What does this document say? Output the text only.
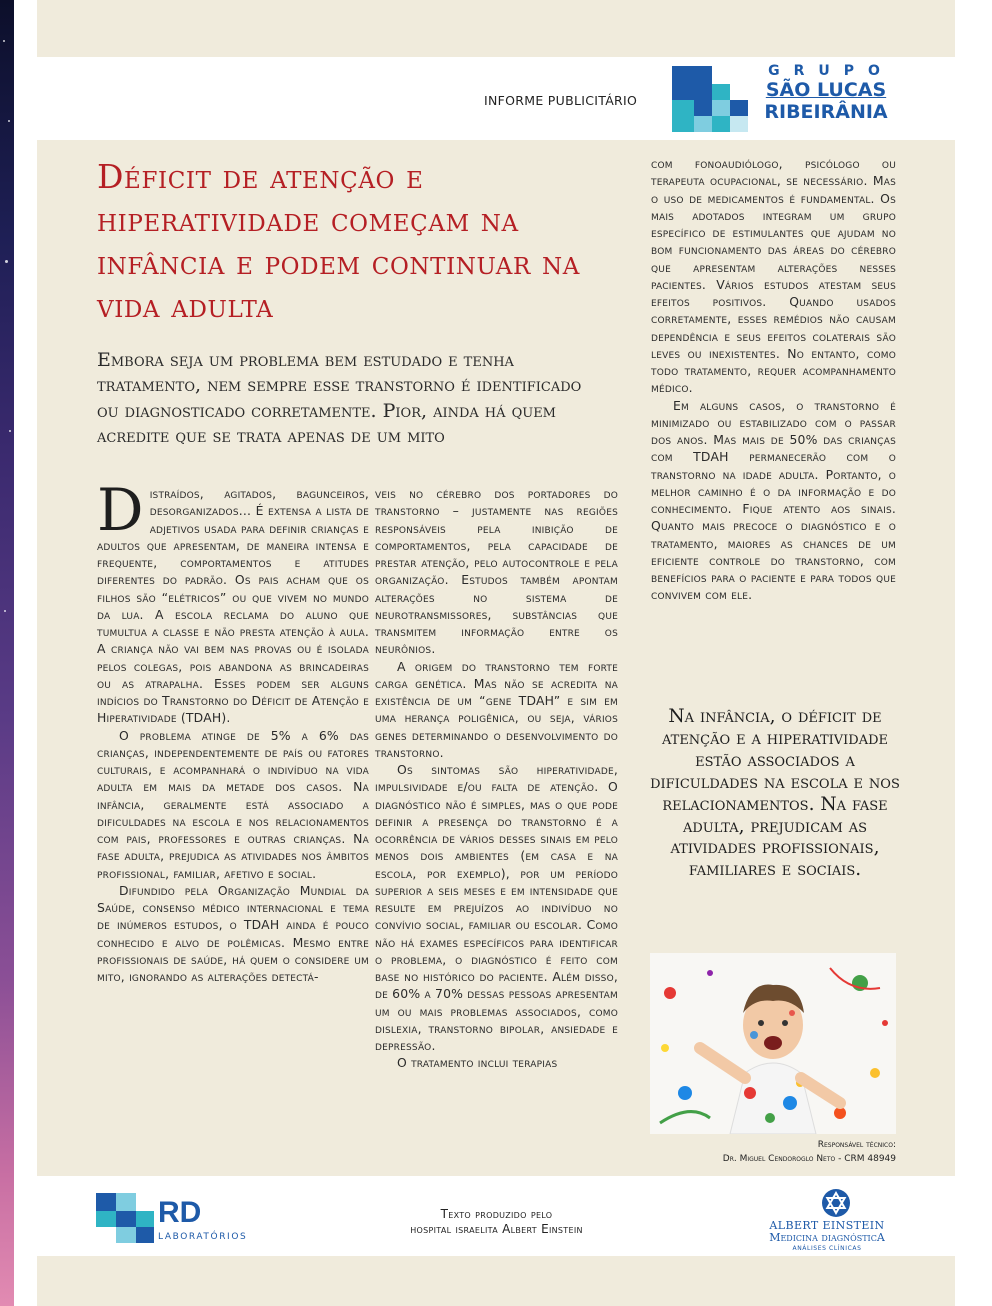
INFORME PUBLICITÁRIO
GRUPO
SÃO LUCAS
RIBEIRÂNIA
Déficit de atenção e hiperatividade começam na infância e podem continuar na vida adulta

Embora seja um problema bem estudado e tenha tratamento, nem sempre esse transtorno é identificado ou diagnosticado corretamente. Pior, ainda há quem acredite que se trata apenas de um mito

Distraídos, agitados, bagunceiros, desorganizados... É extensa a lista de adjetivos usada para definir crianças e adultos que apresentam, de maneira intensa e frequente, comportamentos e atitudes diferentes do padrão. Os pais acham que os filhos são “elétricos” ou que vivem no mundo da lua. A escola reclama do aluno que tumultua a classe e não presta atenção à aula. A criança não vai bem nas provas ou é isolada pelos colegas, pois abandona as brincadeiras ou as atrapalha. Esses podem ser alguns indícios do Transtorno do Déficit de Atenção e Hiperatividade (TDAH).

O problema atinge de 5% a 6% das crianças, independentemente de país ou fatores culturais, e acompanhará o indivíduo na vida adulta em mais da metade dos casos. Na infância, geralmente está associado a dificuldades na escola e nos relacionamentos com pais, professores e outras crianças. Na fase adulta, prejudica as atividades nos âmbitos profissional, familiar, afetivo e social.

Difundido pela Organização Mundial da Saúde, consenso médico internacional e tema de inúmeros estudos, o TDAH ainda é pouco conhecido e alvo de polêmicas. Mesmo entre profissionais de saúde, há quem o considere um mito, ignorando as alterações detectá-

veis no cérebro dos portadores do transtorno – justamente nas regiões responsáveis pela inibição de comportamentos, pela capacidade de prestar atenção, pelo autocontrole e pela organização. Estudos também apontam alterações no sistema de neurotransmissores, substâncias que transmitem informação entre os neurônios.

A origem do transtorno tem forte carga genética. Mas não se acredita na existência de um “gene TDAH” e sim em uma herança poligênica, ou seja, vários genes determinando o desenvolvimento do transtorno.

Os sintomas são hiperatividade, impulsividade e/ou falta de atenção. O diagnóstico não é simples, mas o que pode definir a presença do transtorno é a ocorrência de vários desses sinais em pelo menos dois ambientes (em casa e na escola, por exemplo), por um período superior a seis meses e em intensidade que resulte em prejuízos ao indivíduo no convívio social, familiar ou escolar. Como não há exames específicos para identificar o problema, o diagnóstico é feito com base no histórico do paciente. Além disso, de 60% a 70% dessas pessoas apresentam um ou mais problemas associados, como dislexia, transtorno bipolar, ansiedade e depressão.

O tratamento inclui terapias

com fonoaudiólogo, psicólogo ou terapeuta ocupacional, se necessário. Mas o uso de medicamentos é fundamental. Os mais adotados integram um grupo específico de estimulantes que ajudam no bom funcionamento das áreas do cérebro que apresentam alterações nesses pacientes. Vários estudos atestam seus efeitos positivos. Quando usados corretamente, esses remédios não causam dependência e seus efeitos colaterais são leves ou inexistentes. No entanto, como todo tratamento, requer acompanhamento médico.

Em alguns casos, o transtorno é minimizado ou estabilizado com o passar dos anos. Mas mais de 50% das crianças com TDAH permanecerão com o transtorno na idade adulta. Portanto, o melhor caminho é o da informação e do conhecimento. Fique atento aos sinais. Quanto mais precoce o diagnóstico e o tratamento, maiores as chances de um eficiente controle do transtorno, com benefícios para o paciente e para todos que convivem com ele.

Na infância, o déficit de atenção e a hiperatividade estão associados a dificuldades na escola e nos relacionamentos. Na fase adulta, prejudicam as atividades profissionais, familiares e sociais.
Responsável técnico:
Dr. Miguel Cendoroglo Neto - CRM 48949
RD
LABORATÓRIOS
Texto produzido pelo
hospital israelita Albert Einstein	ALBERT EINSTEIN
Medicina diagnósticA
ANÁLISES CLÍNICAS
